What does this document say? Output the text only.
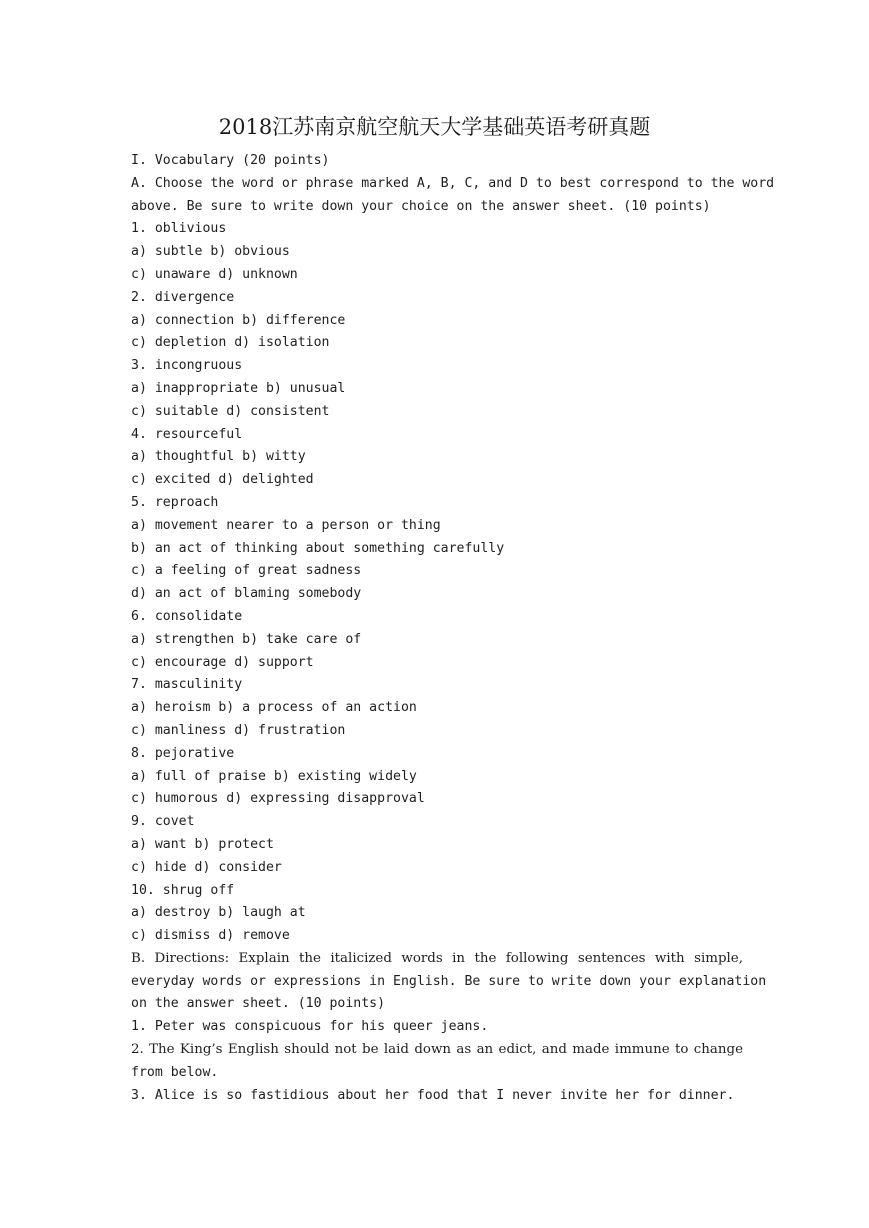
2018江苏南京航空航天大学基础英语考研真题
I. Vocabulary (20 points)
A. Choose the word or phrase marked A, B, C, and D to best correspond to the word
above. Be sure to write down your choice on the answer sheet. (10 points)
1. oblivious
a) subtle b) obvious
c) unaware d) unknown
2. divergence
a) connection b) difference
c) depletion d) isolation
3. incongruous
a) inappropriate b) unusual
c) suitable d) consistent
4. resourceful
a) thoughtful b) witty
c) excited d) delighted
5. reproach
a) movement nearer to a person or thing
b) an act of thinking about something carefully
c) a feeling of great sadness
d) an act of blaming somebody
6. consolidate
a) strengthen b) take care of
c) encourage d) support
7. masculinity
a) heroism b) a process of an action
c) manliness d) frustration
8. pejorative
a) full of praise b) existing widely
c) humorous d) expressing disapproval
9. covet
a) want b) protect
c) hide d) consider
10. shrug off
a) destroy b) laugh at
c) dismiss d) remove
B. Directions: Explain the italicized words in the following sentences with simple,
everyday words or expressions in English. Be sure to write down your explanation
on the answer sheet. (10 points)
1. Peter was conspicuous for his queer jeans.
2. The King’s English should not be laid down as an edict, and made immune to change
from below.
3. Alice is so fastidious about her food that I never invite her for dinner.
